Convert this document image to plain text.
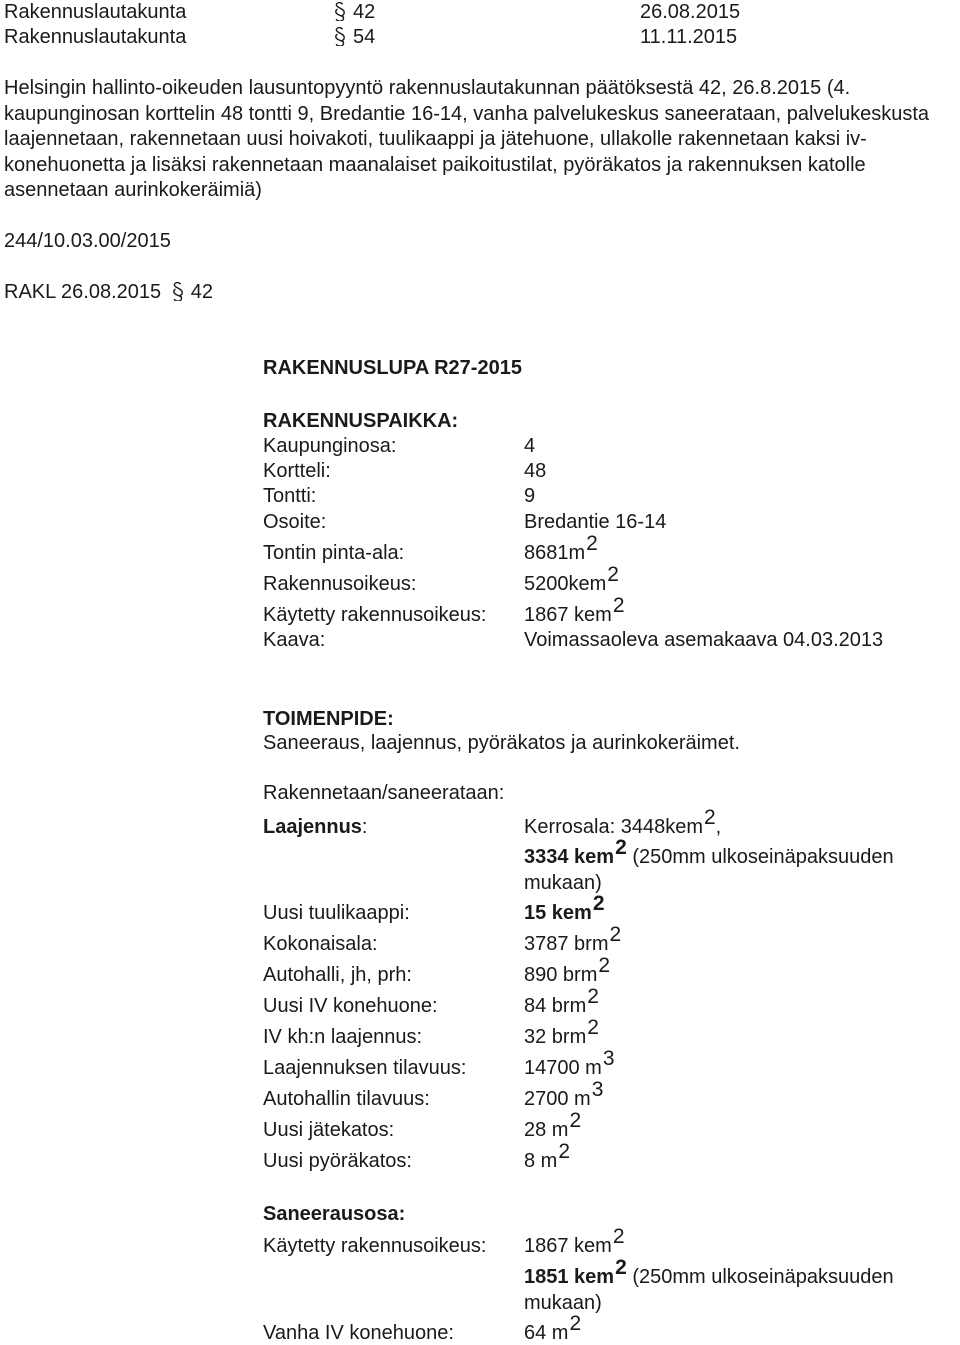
Rakennuslautakunta	42	26.08.2015
Rakennuslautakunta	54	11.11.2015
Helsingin hallinto-oikeuden lausuntopyyntö rakennuslautakunnan päätöksestä 42, 26.8.2015 (4. kaupunginosan korttelin 48 tontti 9, Bredantie 16-14, vanha palvelukeskus saneerataan, palvelukeskusta laajennetaan, rakennetaan uusi hoivakoti, tuulikaappi ja jätehuone, ullakolle rakennetaan kaksi iv-konehuonetta ja lisäksi rakennetaan maanalaiset paikoitustilat, pyöräkatos ja rakennuksen katolle asennetaan aurinkokeräimiä)
244/10.03.00/2015
RAKL 26.08.2015 42
RAKENNUSLUPA R27-2015
RAKENNUSPAIKKA:
Kaupunginosa:	4
Kortteli:	48
Tontti:	9
Osoite:	Bredantie 16-14
Tontin pinta-ala:	8681m2
Rakennusoikeus:	5200kem2
Käytetty rakennusoikeus: 1867 kem2
Kaava:	Voimassaoleva asemakaava 04.03.2013
TOIMENPIDE:
Saneeraus, laajennus, pyöräkatos ja aurinkokeräimet.
Rakennetaan/saneerataan:
Laajennus:	Kerrosala: 3448kem2,
3334 kem2 (250mm ulkoseinäpaksuuden
mukaan)
Uusi tuulikaappi:	15 kem2
Kokonaisala:	3787 brm2
Autohalli, jh, prh:	890 brm2
Uusi IV konehuone:	84 brm2
IV kh:n laajennus:	32 brm2
Laajennuksen tilavuus:	14700 m3
Autohallin tilavuus:	2700 m3
Uusi jätekatos:	28 m2
Uusi pyöräkatos:	8 m2
Saneerausosa:
Käytetty rakennusoikeus: 1867 kem2
1851 kem2 (250mm ulkoseinäpaksuuden
mukaan)
Vanha IV konehuone:	64 m2
